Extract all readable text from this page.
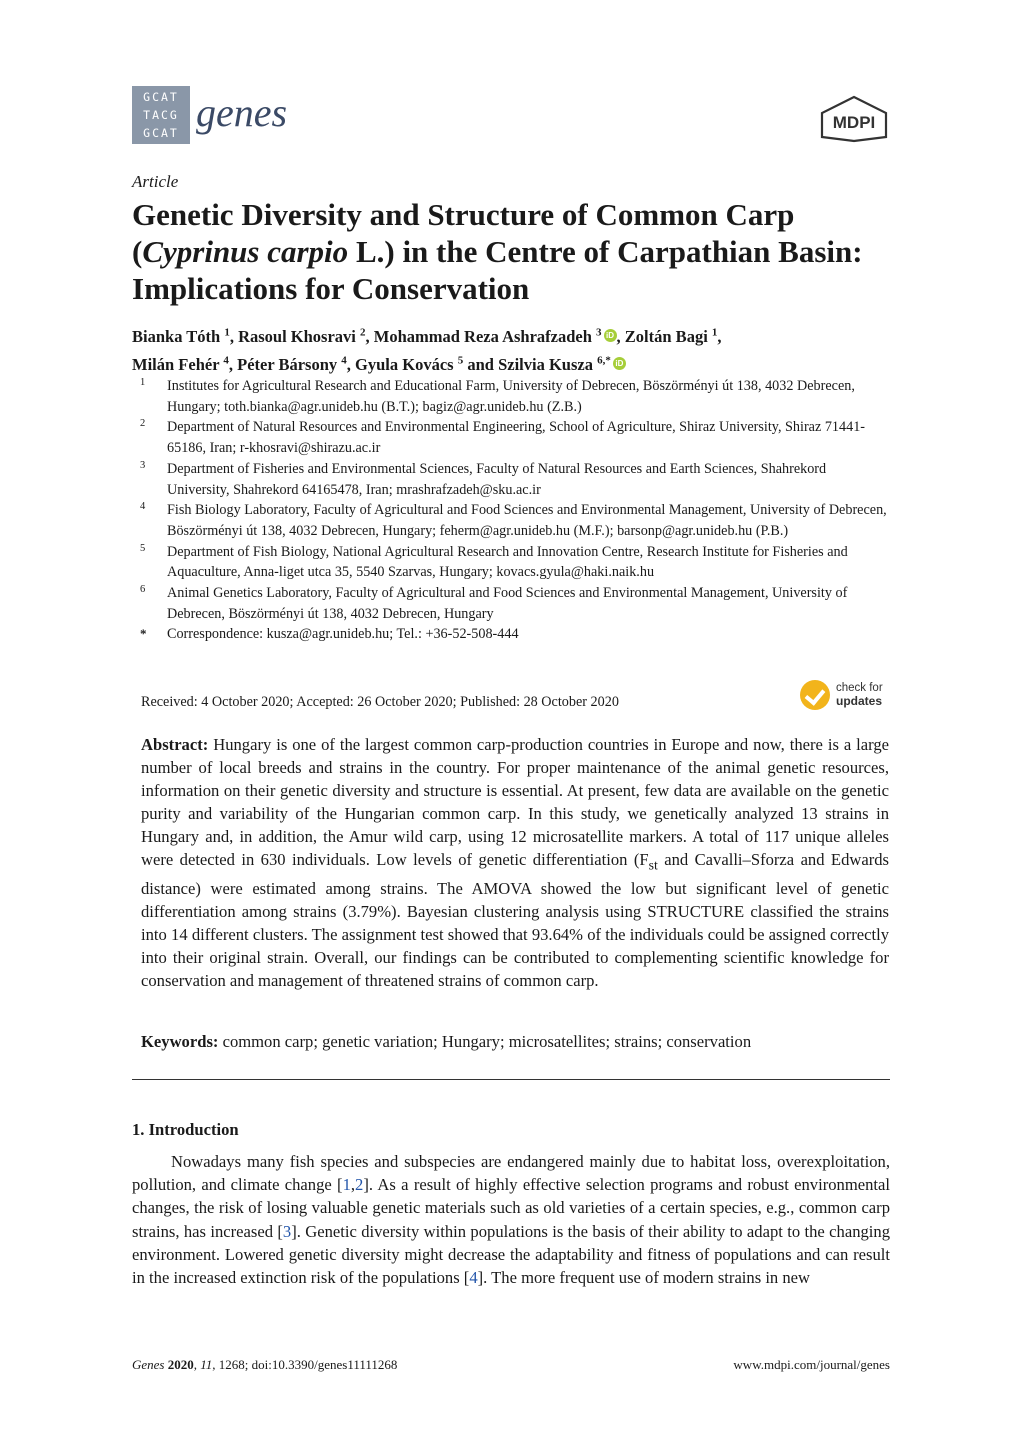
GCAT
TACG
GCAT genes	MDPI
Article
Genetic Diversity and Structure of Common Carp (Cyprinus carpio L.) in the Centre of Carpathian Basin: Implications for Conservation
Bianka Tóth $^1$, Rasoul Khosravi $^2$, Mohammad Reza Ashrafzadeh $^3$ iD , Zoltán Bagi $^1$,
Milán Fehér $^4$, Péter Bársony $^4$, Gyula Kovács $^5$ and Szilvia Kusza $^{6,*}$ iD
1	Institutes for Agricultural Research and Educational Farm, University of Debrecen, Böszörményi út 138, 4032 Debrecen, Hungary; toth.bianka@agr.unideb.hu (B.T.); bagiz@agr.unideb.hu (Z.B.)
2	Department of Natural Resources and Environmental Engineering, School of Agriculture, Shiraz University, Shiraz 71441-65186, Iran; r-khosravi@shirazu.ac.ir
3	Department of Fisheries and Environmental Sciences, Faculty of Natural Resources and Earth Sciences, Shahrekord University, Shahrekord 64165478, Iran; mrashrafzadeh@sku.ac.ir
4	Fish Biology Laboratory, Faculty of Agricultural and Food Sciences and Environmental Management, University of Debrecen, Böszörményi út 138, 4032 Debrecen, Hungary; feherm@agr.unideb.hu (M.F.); barsonp@agr.unideb.hu (P.B.)
5	Department of Fish Biology, National Agricultural Research and Innovation Centre, Research Institute for Fisheries and Aquaculture, Anna-liget utca 35, 5540 Szarvas, Hungary; kovacs.gyula@haki.naik.hu
6	Animal Genetics Laboratory, Faculty of Agricultural and Food Sciences and Environmental Management, University of Debrecen, Böszörményi út 138, 4032 Debrecen, Hungary
*	Correspondence: kusza@agr.unideb.hu; Tel.: +36-52-508-444
Received: 4 October 2020; Accepted: 26 October 2020; Published: 28 October 2020
check for
updates

Abstract: Hungary is one of the largest common carp-production countries in Europe and now, there is a large number of local breeds and strains in the country. For proper maintenance of the animal genetic resources, information on their genetic diversity and structure is essential. At present, few data are available on the genetic purity and variability of the Hungarian common carp. In this study, we genetically analyzed 13 strains in Hungary and, in addition, the Amur wild carp, using 12 microsatellite markers. A total of 117 unique alleles were detected in 630 individuals. Low levels of genetic differentiation ($F_{st}$ and Cavalli–Sforza and Edwards distance) were estimated among strains. The AMOVA showed the low but significant level of genetic differentiation among strains (3.79%). Bayesian clustering analysis using STRUCTURE classified the strains into 14 different clusters. The assignment test showed that 93.64% of the individuals could be assigned correctly into their original strain. Overall, our findings can be contributed to complementing scientific knowledge for conservation and management of threatened strains of common carp.

Keywords: common carp; genetic variation; Hungary; microsatellites; strains; conservation

1. Introduction

Nowadays many fish species and subspecies are endangered mainly due to habitat loss, overexploitation, pollution, and climate change [1,2]. As a result of highly effective selection programs and robust environmental changes, the risk of losing valuable genetic materials such as old varieties of a certain species, e.g., common carp strains, has increased [3]. Genetic diversity within populations is the basis of their ability to adapt to the changing environment. Lowered genetic diversity might decrease the adaptability and fitness of populations and can result in the increased extinction risk of the populations [4]. The more frequent use of modern strains in new

Genes 2020, 11, 1268; doi:10.3390/genes11111268	www.mdpi.com/journal/genes
